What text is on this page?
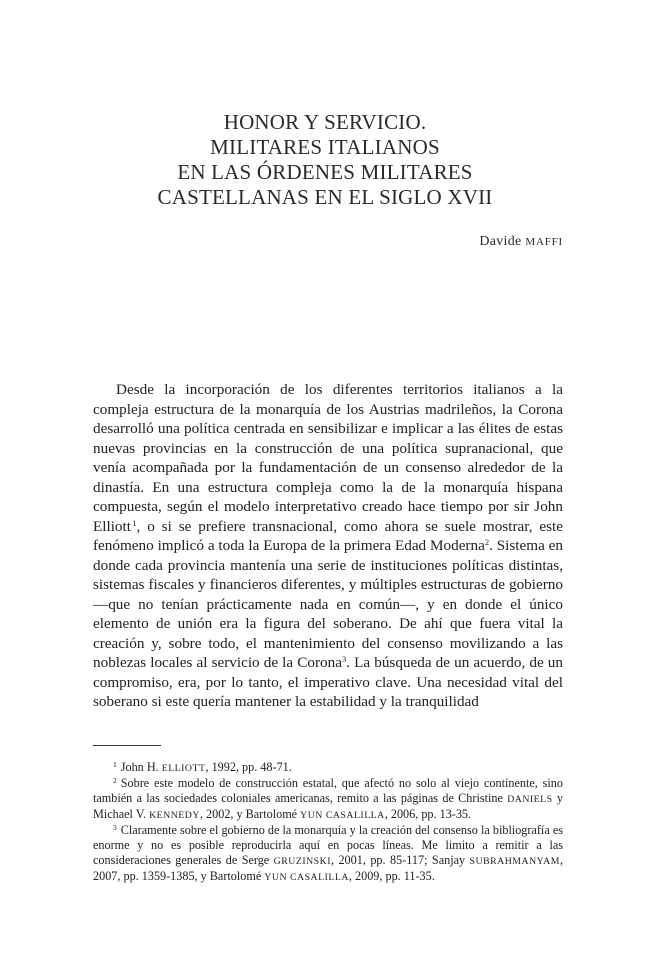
HONOR Y SERVICIO.
MILITARES ITALIANOS
EN LAS ÓRDENES MILITARES
CASTELLANAS EN EL SIGLO XVII
Davide MAFFI

Desde la incorporación de los diferentes territorios italianos a la compleja estructura de la monarquía de los Austrias madrileños, la Corona desarrolló una política centrada en sensibilizar e implicar a las élites de estas nuevas provincias en la construcción de una política supranacional, que venía acompañada por la fundamentación de un consenso alrededor de la dinastía. En una estructura compleja como la de la monarquía hispana compuesta, según el modelo interpretativo creado hace tiempo por sir John Elliott $^1$, o si se prefiere transnacional, como ahora se suele mostrar, este fenómeno implicó a toda la Europa de la primera Edad Moderna$^2$. Sistema en donde cada provincia mantenía una serie de instituciones políticas distintas, sistemas fiscales y financieros diferentes, y múltiples estructuras de gobierno —que no tenían prácticamente nada en común—, y en donde el único elemento de unión era la figura del soberano. De ahí que fuera vital la creación y, sobre todo, el mantenimiento del consenso movilizando a las noblezas locales al servicio de la Corona$^3$. La búsqueda de un acuerdo, de un compromiso, era, por lo tanto, el imperativo clave. Una necesidad vital del soberano si este quería mantener la estabilidad y la tranquilidad

$^1$ John H. ELLIOTT, 1992, pp. 48-71.

$^2$ Sobre este modelo de construcción estatal, que afectó no solo al viejo continente, sino también a las sociedades coloniales americanas, remito a las páginas de Christine DANIELS y Michael V. KENNEDY, 2002, y Bartolomé YUN CASALILLA, 2006, pp. 13-35.

$^3$ Claramente sobre el gobierno de la monarquía y la creación del consenso la bibliografía es enorme y no es posible reproducirla aquí en pocas líneas. Me limito a remitir a las consideraciones generales de Serge GRUZINSKI, 2001, pp. 85-117; Sanjay SUBRAHMANYAM, 2007, pp. 1359-1385, y Bartolomé YUN CASALILLA, 2009, pp. 11-35.
